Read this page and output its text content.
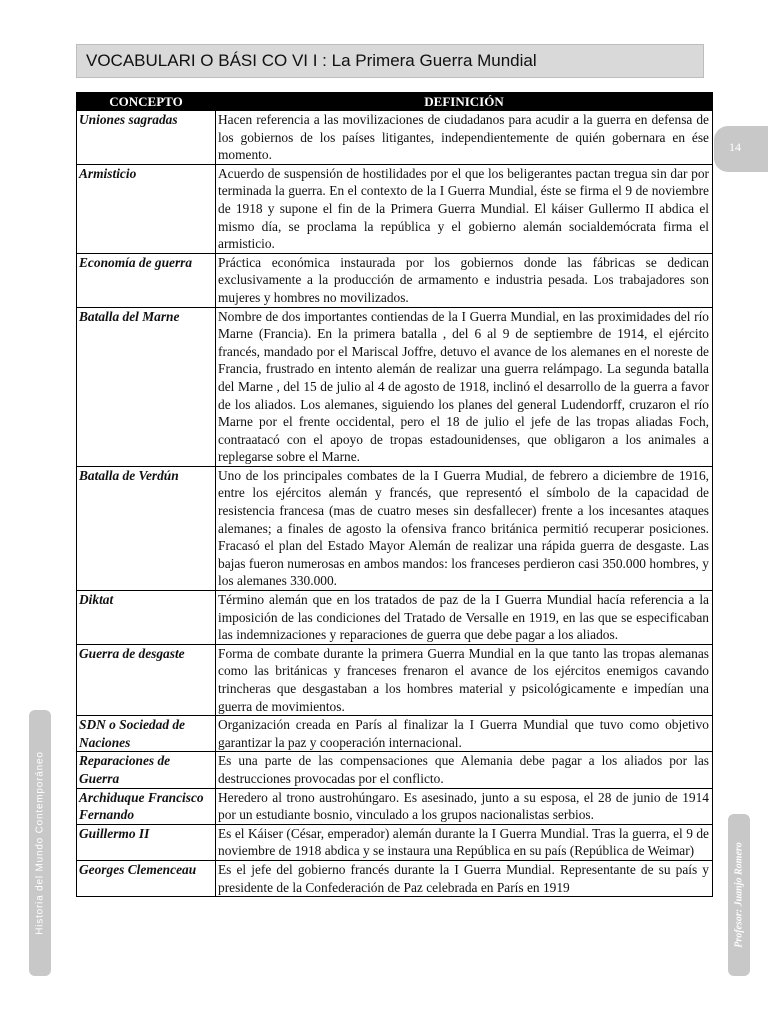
VOCABULARI O BÁSI CO VI I : La Primera Guerra Mundial
14
Historia del Mundo Contemporáneo	Profesor: Juanjo Romero
CONCEPTO	DEFINICIÓN
Uniones sagradas	Hacen referencia a las movilizaciones de ciudadanos para acudir a la guerra en defensa de los gobiernos de los países litigantes, independientemente de quién gobernara en ése momento.
Armisticio	Acuerdo de suspensión de hostilidades por el que los beligerantes pactan tregua sin dar por terminada la guerra. En el contexto de la I Guerra Mundial, éste se firma el 9 de noviembre de 1918 y supone el fin de la Primera Guerra Mundial. El káiser Gullermo II abdica el mismo día, se proclama la república y el gobierno alemán socialdemócrata firma el armisticio.
Economía de guerra	Práctica económica instaurada por los gobiernos donde las fábricas se dedican exclusivamente a la producción de armamento e industria pesada. Los trabajadores son mujeres y hombres no movilizados.
Batalla del Marne	Nombre de dos importantes contiendas de la I Guerra Mundial, en las proximidades del río Marne (Francia). En la primera batalla , del 6 al 9 de septiembre de 1914, el ejército francés, mandado por el Mariscal Joffre, detuvo el avance de los alemanes en el noreste de Francia, frustrado en intento alemán de realizar una guerra relámpago. La segunda batalla del Marne , del 15 de julio al 4 de agosto de 1918, inclinó el desarrollo de la guerra a favor de los aliados. Los alemanes, siguiendo los planes del general Ludendorff, cruzaron el río Marne por el frente occidental, pero el 18 de julio el jefe de las tropas aliadas Foch, contraatacó con el apoyo de tropas estadounidenses, que obligaron a los animales a replegarse sobre el Marne.
Batalla de Verdún	Uno de los principales combates de la I Guerra Mudial, de febrero a diciembre de 1916, entre los ejércitos alemán y francés, que representó el símbolo de la capacidad de resistencia francesa (mas de cuatro meses sin desfallecer) frente a los incesantes ataques alemanes; a finales de agosto la ofensiva franco británica permitió recuperar posiciones. Fracasó el plan del Estado Mayor Alemán de realizar una rápida guerra de desgaste. Las bajas fueron numerosas en ambos mandos: los franceses perdieron casi 350.000 hombres, y los alemanes 330.000.
Diktat	Término alemán que en los tratados de paz de la I Guerra Mundial hacía referencia a la imposición de las condiciones del Tratado de Versalle en 1919, en las que se especificaban las indemnizaciones y reparaciones de guerra que debe pagar a los aliados.
Guerra de desgaste	Forma de combate durante la primera Guerra Mundial en la que tanto las tropas alemanas como las británicas y franceses frenaron el avance de los ejércitos enemigos cavando trincheras que desgastaban a los hombres material y psicológicamente e impedían una guerra de movimientos.
SDN o Sociedad de Naciones	Organización creada en París al finalizar la I Guerra Mundial que tuvo como objetivo garantizar la paz y cooperación internacional.
Reparaciones de Guerra	Es una parte de las compensaciones que Alemania debe pagar a los aliados por las destrucciones provocadas por el conflicto.
Archiduque Francisco Fernando	Heredero al trono austrohúngaro. Es asesinado, junto a su esposa, el 28 de junio de 1914 por un estudiante bosnio, vinculado a los grupos nacionalistas serbios.
Guillermo II	Es el Káiser (César, emperador) alemán durante la I Guerra Mundial. Tras la guerra, el 9 de noviembre de 1918 abdica y se instaura una República en su país (República de Weimar)
Georges Clemenceau	Es el jefe del gobierno francés durante la I Guerra Mundial. Representante de su país y presidente de la Confederación de Paz celebrada en París en 1919
